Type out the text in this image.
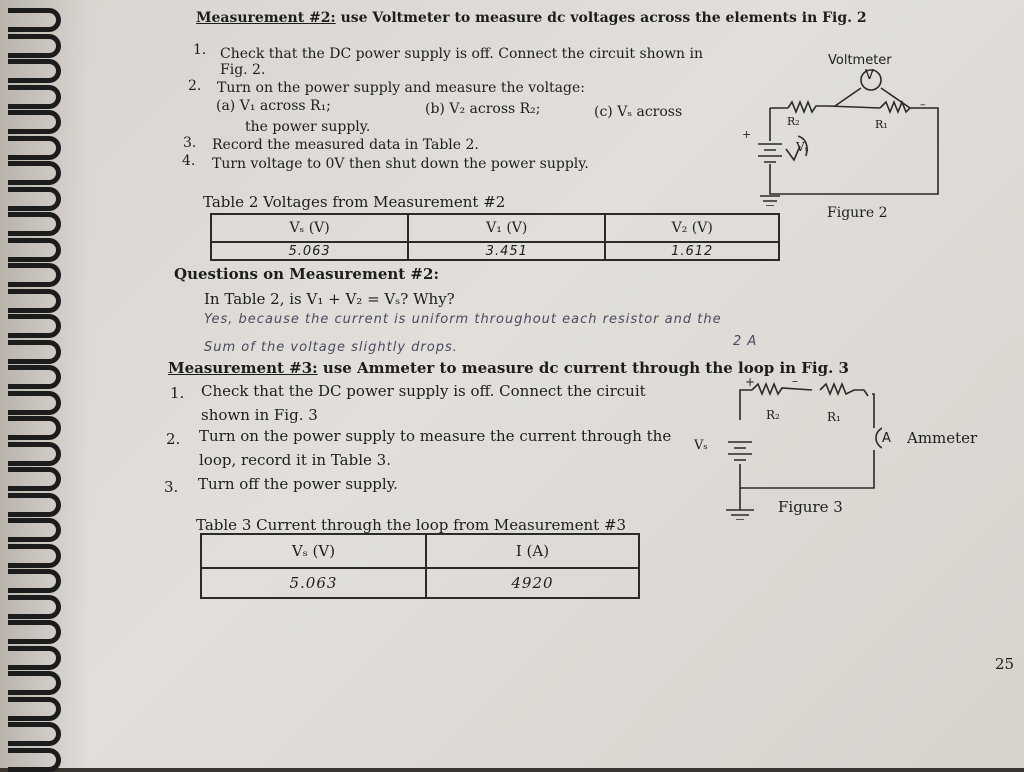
Measurement #2: use Voltmeter to measure dc voltages across the elements in Fig. 2
1. Check that the DC power supply is off. Connect the circuit shown in
Fig. 2.
2. Turn on the power supply and measure the voltage:
(a) V₁ across R₁;	(b) V₂ across R₂;	(c) Vₛ across
the power supply.
3. Record the measured data in Table 2.
4. Turn voltage to 0V then shut down the power supply.
Voltmeter
V
R₂	R₁
Vₛ
+
–
Figure 2
Table 2 Voltages from Measurement #2
Vₛ (V)	V₁ (V)	V₂ (V)
5.063	3.451	1.612
Questions on Measurement #2:
In Table 2, is V₁ + V₂ = Vₛ? Why?
Yes, because the current is uniform throughout each resistor and the
Sum of the voltage slightly drops.	2 A
Measurement #3: use Ammeter to measure dc current through the loop in Fig. 3
1. Check that the DC power supply is off. Connect the circuit
shown in Fig. 3
2. Turn on the power supply to measure the current through the
loop, record it in Table 3.
3. Turn off the power supply.
R₂	R₁
A Ammeter
Vₛ
+	–
Figure 3
Table 3 Current through the loop from Measurement #3
Vₛ (V)	I (A)
5.063	4920
25
